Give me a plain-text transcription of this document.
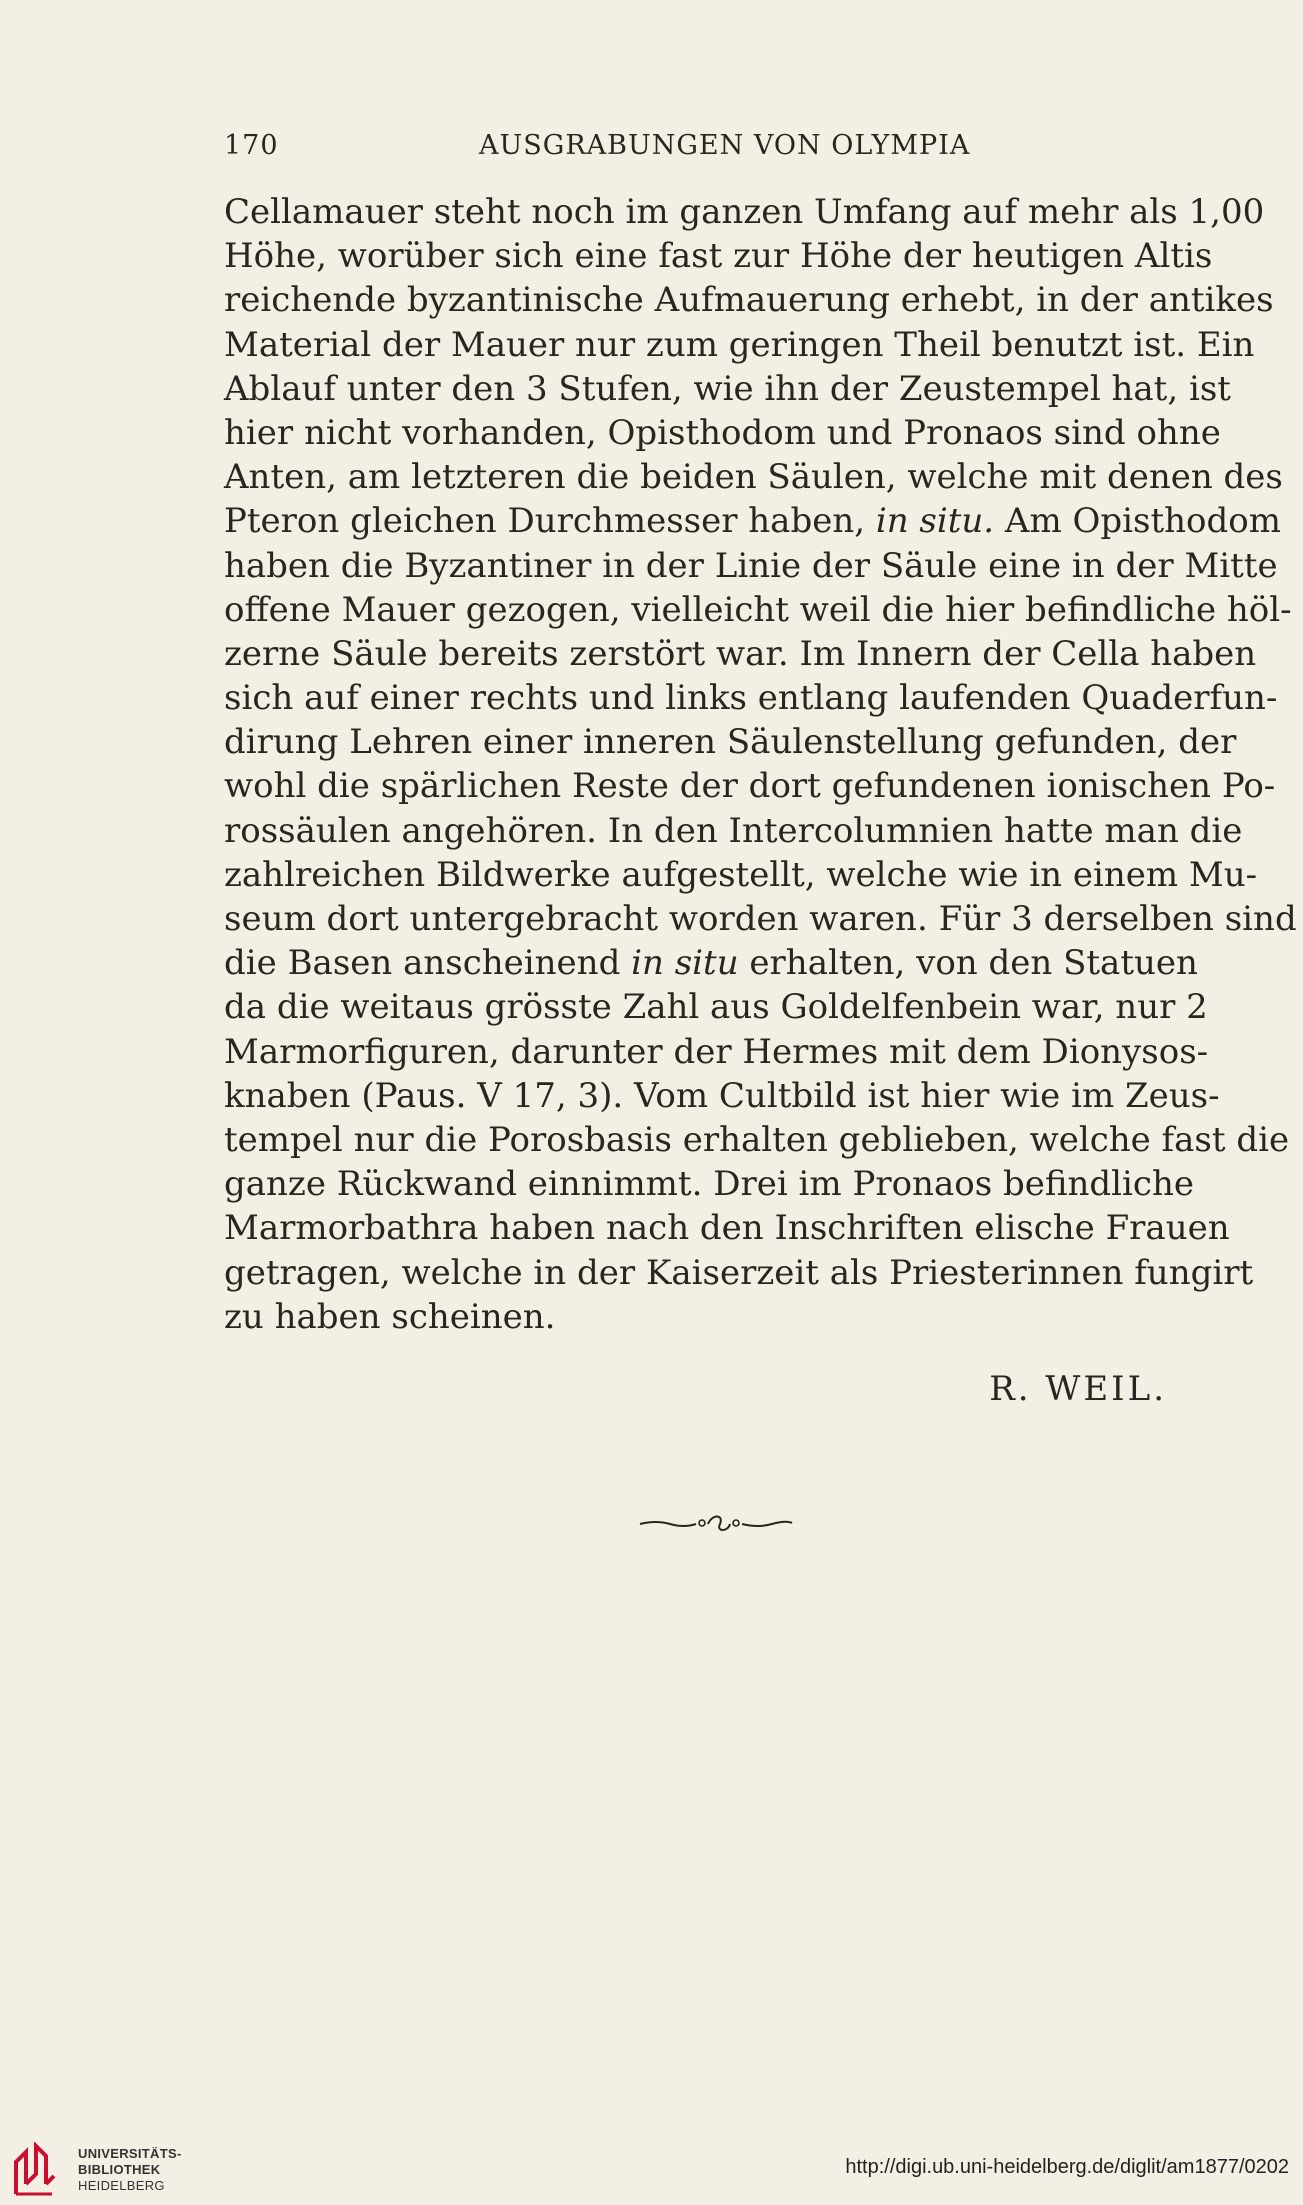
170	AUSGRABUNGEN VON OLYMPIA
Cellamauer steht noch im ganzen Umfang auf mehr als 1,00
Höhe, worüber sich eine fast zur Höhe der heutigen Altis
reichende byzantinische Aufmauerung erhebt, in der antikes
Material der Mauer nur zum geringen Theil benutzt ist. Ein
Ablauf unter den 3 Stufen, wie ihn der Zeustempel hat, ist
hier nicht vorhanden, Opisthodom und Pronaos sind ohne
Anten, am letzteren die beiden Säulen, welche mit denen des
Pteron gleichen Durchmesser haben, in situ. Am Opisthodom
haben die Byzantiner in der Linie der Säule eine in der Mitte
offene Mauer gezogen, vielleicht weil die hier befindliche höl-
zerne Säule bereits zerstört war. Im Innern der Cella haben
sich auf einer rechts und links entlang laufenden Quaderfun-
dirung Lehren einer inneren Säulenstellung gefunden, der
wohl die spärlichen Reste der dort gefundenen ionischen Po-
rossäulen angehören. In den Intercolumnien hatte man die
zahlreichen Bildwerke aufgestellt, welche wie in einem Mu-
seum dort untergebracht worden waren. Für 3 derselben sind
die Basen anscheinend in situ erhalten, von den Statuen
da die weitaus grösste Zahl aus Goldelfenbein war, nur 2
Marmorfiguren, darunter der Hermes mit dem Dionysos-
knaben (Paus. V 17, 3). Vom Cultbild ist hier wie im Zeus-
tempel nur die Porosbasis erhalten geblieben, welche fast die
ganze Rückwand einnimmt. Drei im Pronaos befindliche
Marmorbathra haben nach den Inschriften elische Frauen
getragen, welche in der Kaiserzeit als Priesterinnen fungirt
zu haben scheinen.
R. WEIL.
UNIVERSITÄTS-
BIBLIOTHEK
HEIDELBERG
http://digi.ub.uni-heidelberg.de/diglit/am1877/0202
